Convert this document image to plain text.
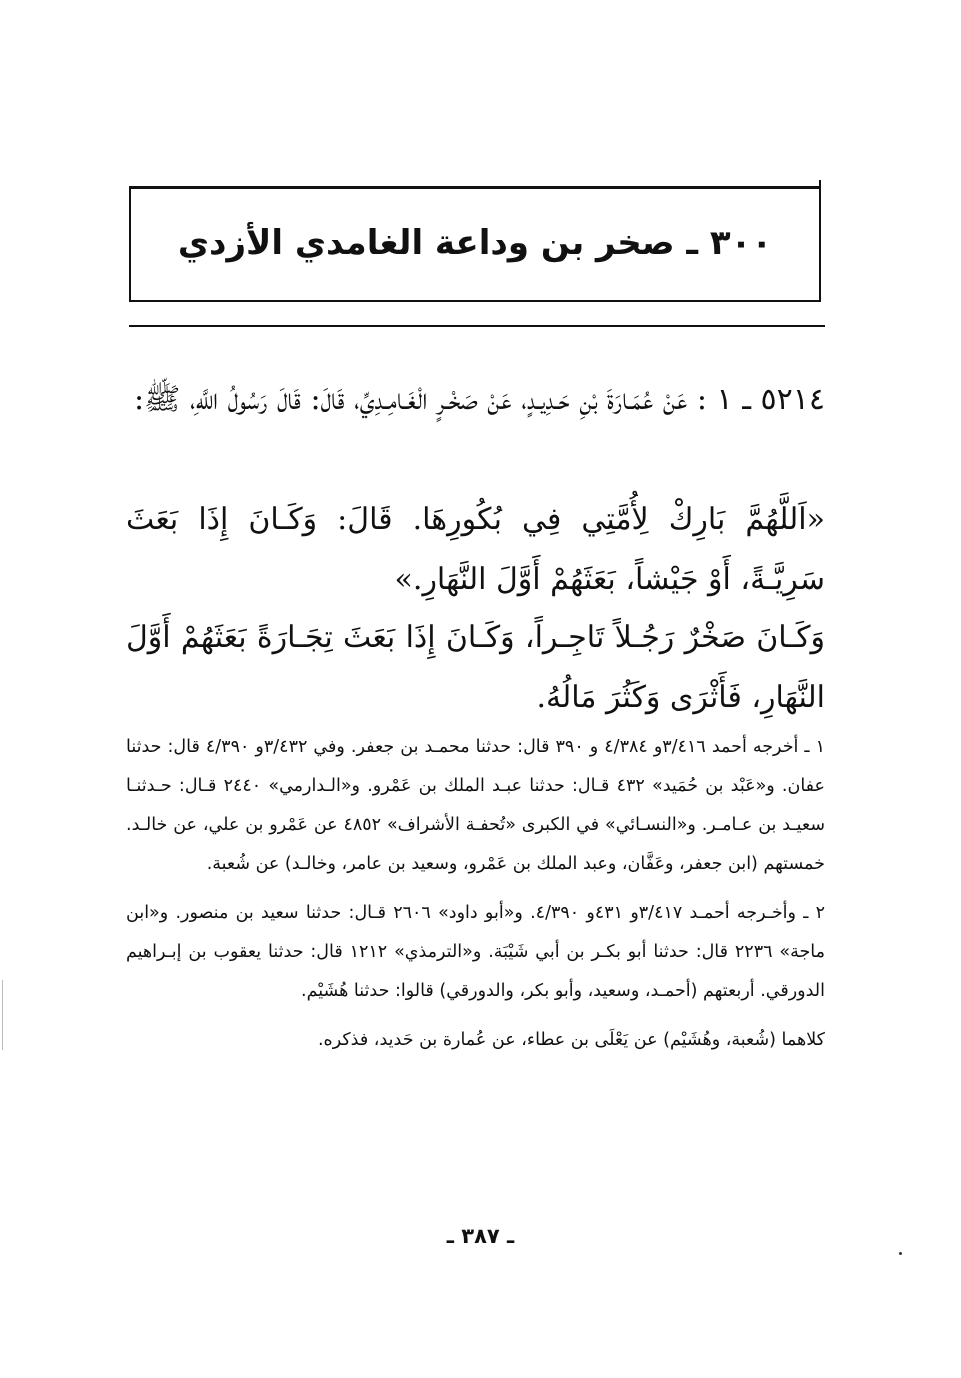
٣٠٠ ـ صخر بن وداعة الغامدي الأزدي
٥٢١٤ ـ ١ : عَنْ عُمَـارَةَ بْنِ حَـدِيـدٍ، عَنْ صَخْـرٍ الْغَـامِـدِيِّ، قَالَ: قَالَ رَسُولُ اللَّهِ، ﷺ:
«اَللَّهُمَّ بَارِكْ لِأُمَّتِي فِي بُكُورِهَا. قَالَ: وَكَـانَ إِذَا بَعَثَ سَرِيَّـةً، أَوْ جَيْشاً، بَعَثَهُمْ أَوَّلَ النَّهَارِ.»
وَكَـانَ صَخْرٌ رَجُـلاً تَاجِـراً، وَكَـانَ إِذَا بَعَثَ تِجَـارَةً بَعَثَهُمْ أَوَّلَ النَّهَارِ، فَأَثْرَى وَكَثُرَ مَالُهُ.

١ ـ أخرجه أحمد ٣/٤١٦و ٤/٣٨٤ و ٣٩٠ قال: حدثنا محمـد بن جعفر. وفي ٣/٤٣٢و ٤/٣٩٠ قال: حدثنا عفان. و«عَبْد بن حُمَيد» ٤٣٢ قـال: حدثنا عبـد الملك بن عَمْرو. و«الـدارمي» ٢٤٤٠ قـال: حـدثنـا سعيـد بن عـامـر. و«النسـائي» في الكبرى «تُحفـة الأشراف» ٤٨٥٢ عن عَمْرو بن علي، عن خالـد. خمستهم (ابن جعفر، وعَفَّان، وعبد الملك بن عَمْرو، وسعيد بن عامر، وخالـد) عن شُعبة.

٢ ـ وأخـرجه أحمـد ٣/٤١٧و ٤٣١و ٤/٣٩٠. و«أبو داود» ٢٦٠٦ قـال: حدثنا سعيد بن منصور. و«ابن ماجة» ٢٢٣٦ قال: حدثنا أبو بكـر بن أبي شَيْبَة. و«الترمذي» ١٢١٢ قال: حدثنا يعقوب بن إبـراهيم الدورقي. أربعتهم (أحمـد، وسعيد، وأبو بكر، والدورقي) قالوا: حدثنا هُشَيْم.

كلاهما (شُعبة، وهُشَيْم) عن يَعْلَى بن عطاء، عن عُمارة بن حَديد، فذكره.

ـ ٣٨٧ ـ
